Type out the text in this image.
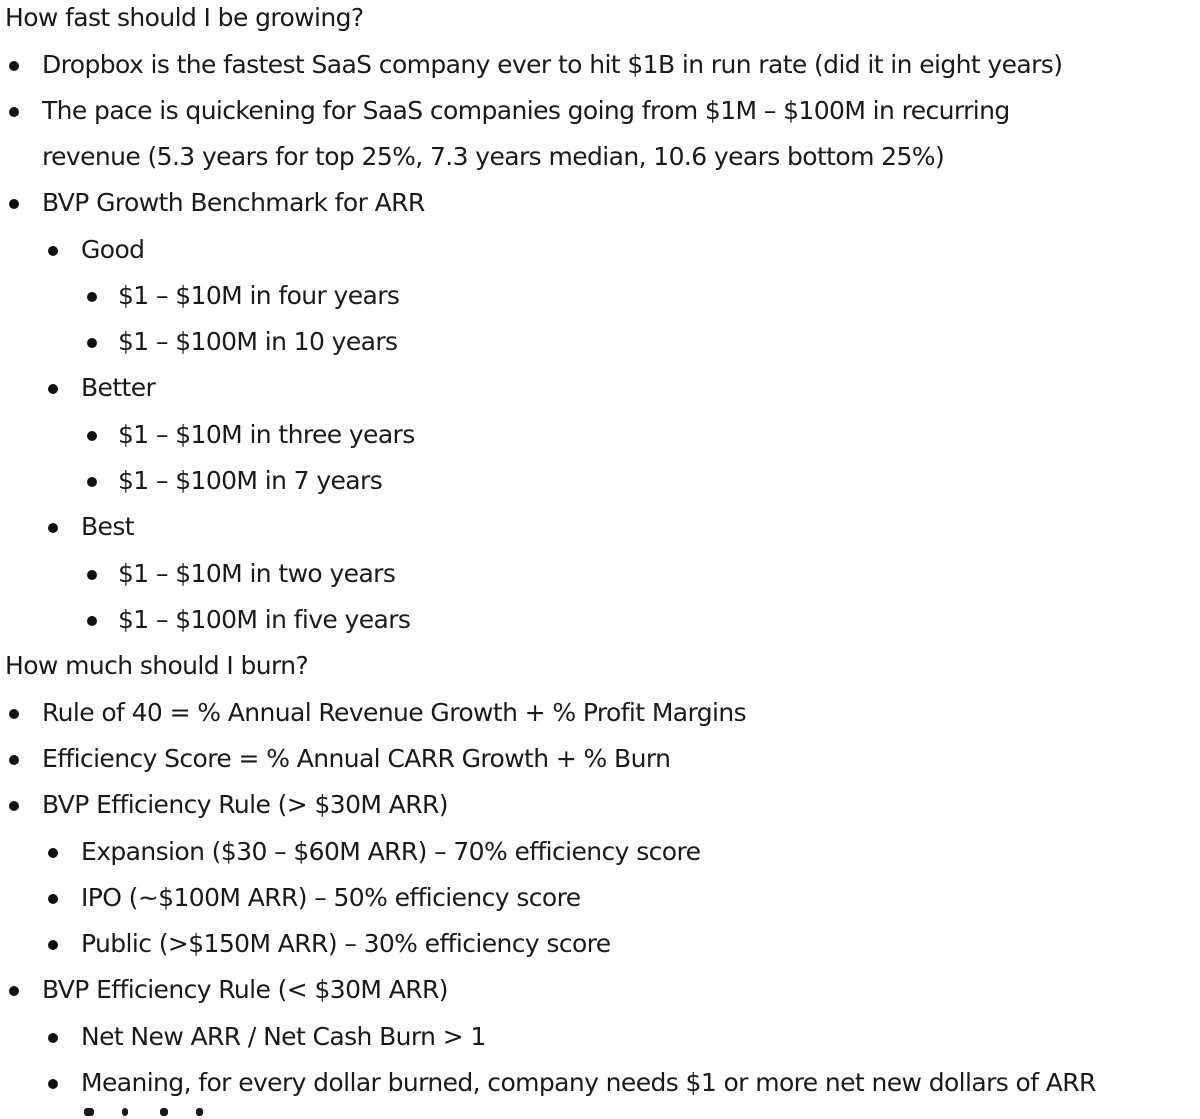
How fast should I be growing?
Dropbox is the fastest SaaS company ever to hit $1B in run rate (did it in eight years)
The pace is quickening for SaaS companies going from $1M – $100M in recurring
revenue (5.3 years for top 25%, 7.3 years median, 10.6 years bottom 25%)
BVP Growth Benchmark for ARR
Good
$1 – $10M in four years
$1 – $100M in 10 years
Better
$1 – $10M in three years
$1 – $100M in 7 years
Best
$1 – $10M in two years
$1 – $100M in five years
How much should I burn?
Rule of 40 = % Annual Revenue Growth + % Profit Margins
Efficiency Score = % Annual CARR Growth + % Burn
BVP Efficiency Rule (> $30M ARR)
Expansion ($30 – $60M ARR) – 70% efficiency score
IPO (~$100M ARR) – 50% efficiency score
Public (>$150M ARR) – 30% efficiency score
BVP Efficiency Rule (< $30M ARR)
Net New ARR / Net Cash Burn > 1
Meaning, for every dollar burned, company needs $1 or more net new dollars of ARR
